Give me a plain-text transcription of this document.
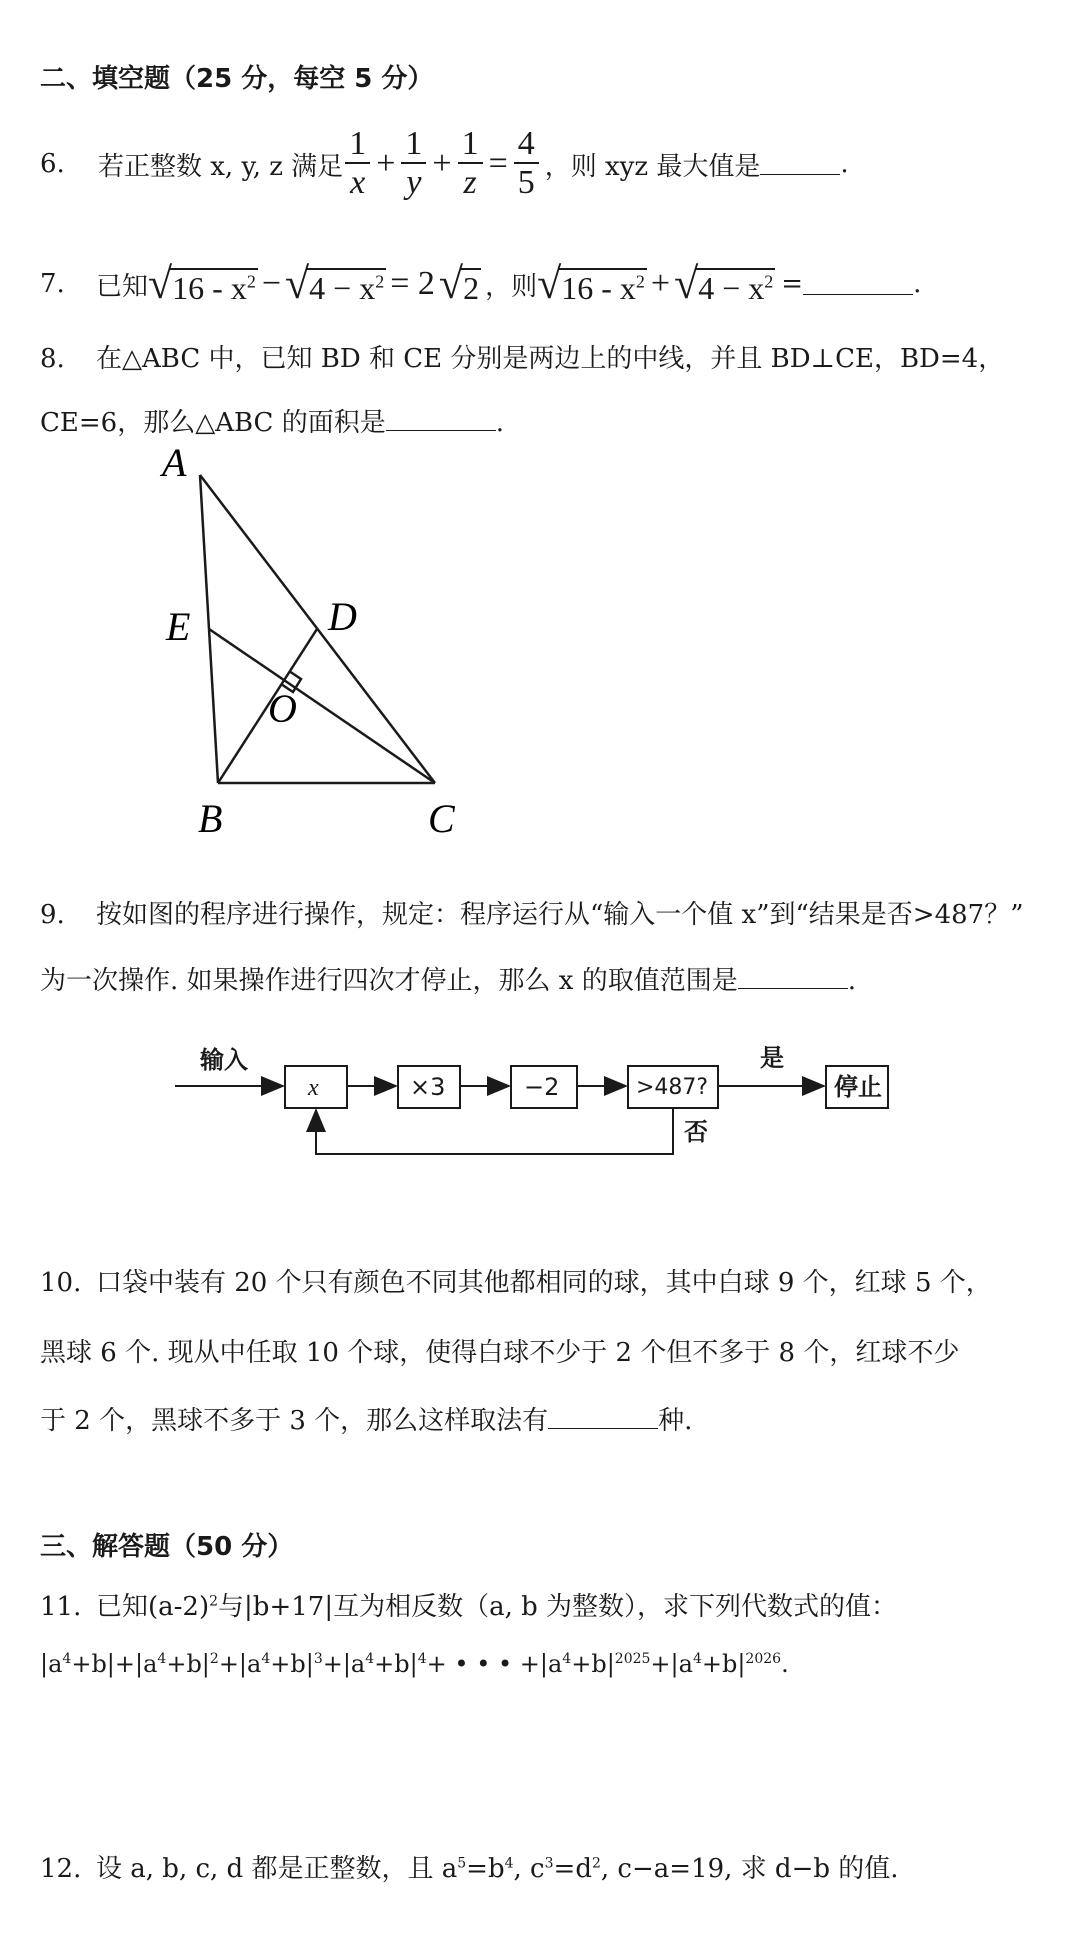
二、填空题（25 分，每空 5 分）
6.	若正整数 x, y, z 满足 $\frac{1}{x} + \frac{1}{y} + \frac{1}{z} = \frac{4}{5}$ ，则 xyz 最大值是	.
7.	已知 √ $16 - x^2$ − √ $4 - x^2 = 2$ √ 2 ，则 √ $16 - x^2$ + √ $4 - x^2$ =	.
8. 在△ABC 中，已知 BD 和 CE 分别是两边上的中线，并且 BD⊥CE，BD=4，
CE=6，那么△ABC 的面积是	.
A
E	D
O
B	C
9. 按如图的程序进行操作，规定：程序运行从“输入一个值 x”到“结果是否>487？”
为一次操作. 如果操作进行四次才停止，那么 x 的取值范围是	.
输入
x	×3	−2	>487?
是
否
停止
10. 口袋中装有 20 个只有颜色不同其他都相同的球，其中白球 9 个，红球 5 个，
黑球 6 个. 现从中任取 10 个球，使得白球不少于 2 个但不多于 8 个，红球不少
于 2 个，黑球不多于 3 个，那么这样取法有	种.
三、解答题（50 分）
11. 已知$(a-2)^2$与|b+17|互为相反数（a, b 为整数），求下列代数式的值：
$|a^4+b|+|a^4+b|^2+|a^4+b|^3+|a^4+b|^4+$ • • • $+|a^4+b|^{2025}+|a^4+b|^{2026}$.
12. 设 a, b, c, d 都是正整数，且 $a^5=b^4$, $c^3=d^2$, c−a=19, 求 d−b 的值.
